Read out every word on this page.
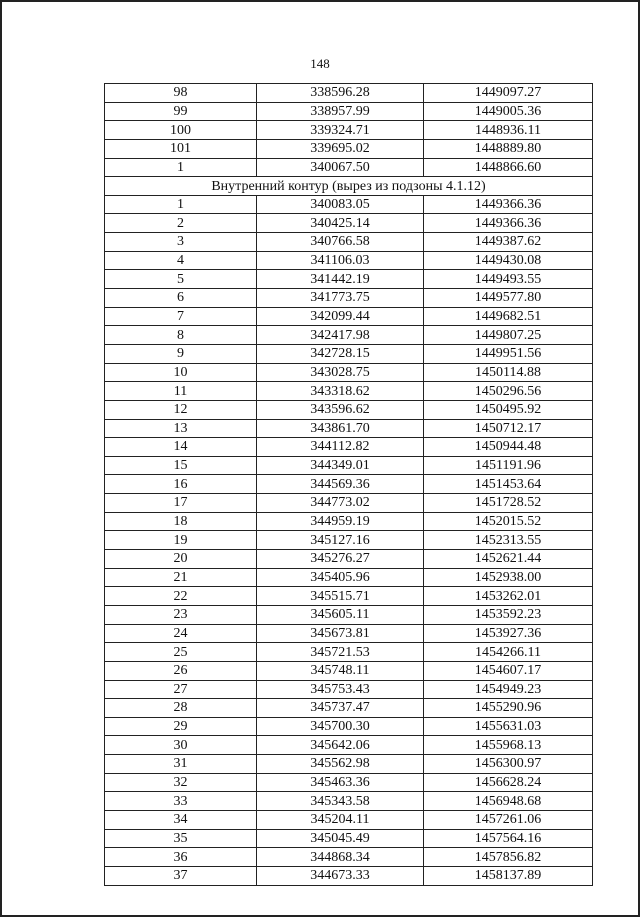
148
98	338596.28	1449097.27
99	338957.99	1449005.36
100	339324.71	1448936.11
101	339695.02	1448889.80
1	340067.50	1448866.60
Внутренний контур (вырез из подзоны 4.1.12)		
1	340083.05	1449366.36
2	340425.14	1449366.36
3	340766.58	1449387.62
4	341106.03	1449430.08
5	341442.19	1449493.55
6	341773.75	1449577.80
7	342099.44	1449682.51
8	342417.98	1449807.25
9	342728.15	1449951.56
10	343028.75	1450114.88
11	343318.62	1450296.56
12	343596.62	1450495.92
13	343861.70	1450712.17
14	344112.82	1450944.48
15	344349.01	1451191.96
16	344569.36	1451453.64
17	344773.02	1451728.52
18	344959.19	1452015.52
19	345127.16	1452313.55
20	345276.27	1452621.44
21	345405.96	1452938.00
22	345515.71	1453262.01
23	345605.11	1453592.23
24	345673.81	1453927.36
25	345721.53	1454266.11
26	345748.11	1454607.17
27	345753.43	1454949.23
28	345737.47	1455290.96
29	345700.30	1455631.03
30	345642.06	1455968.13
31	345562.98	1456300.97
32	345463.36	1456628.24
33	345343.58	1456948.68
34	345204.11	1457261.06
35	345045.49	1457564.16
36	344868.34	1457856.82
37	344673.33	1458137.89
